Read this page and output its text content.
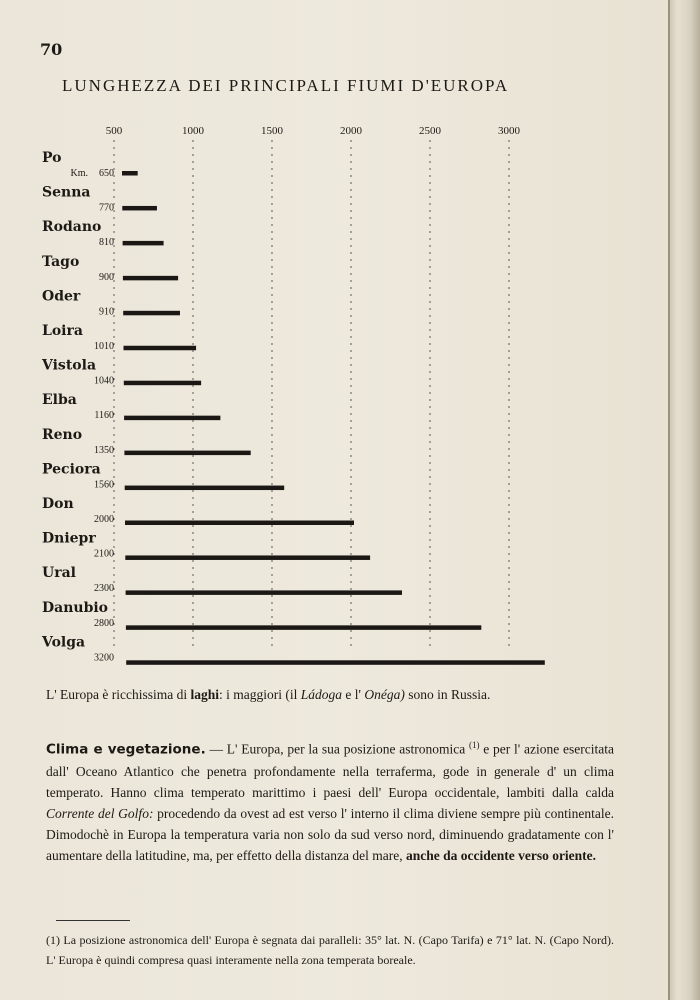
70
LUNGHEZZA DEI PRINCIPALI FIUMI D'EUROPA
500	1000	1500	2000	2500	3000
Po
Km. 650
Senna
770
Rodano
810
Tago
900
Oder
910
Loira
1010
Vistola
1040
Elba
1160
Reno
1350
Peciora
1560
Don
2000
Dniepr
2100
Ural
2300
Danubio
2800
Volga
3200
L' Europa è ricchissima di laghi: i maggiori (il Ládoga e l' Onéga) sono in Russia.
Clima e vegetazione. — L' Europa, per la sua posizione astronomica $^{(1)}$ e per l' azione esercitata dall' Oceano Atlantico che penetra profondamente nella terraferma, gode in generale d' un clima temperato. Hanno clima temperato marittimo i paesi dell' Europa occidentale, lambiti dalla calda Corrente del Golfo: procedendo da ovest ad est verso l' interno il clima diviene sempre più continentale. Dimodochè in Europa la temperatura varia non solo da sud verso nord, diminuendo gradatamente con l' aumentare della latitudine, ma, per effetto della distanza del mare, anche da occidente verso oriente.
(1) La posizione astronomica dell' Europa è segnata dai paralleli: 35° lat. N. (Capo Tarifa) e 71° lat. N. (Capo Nord). L' Europa è quindi compresa quasi interamente nella zona temperata boreale.
